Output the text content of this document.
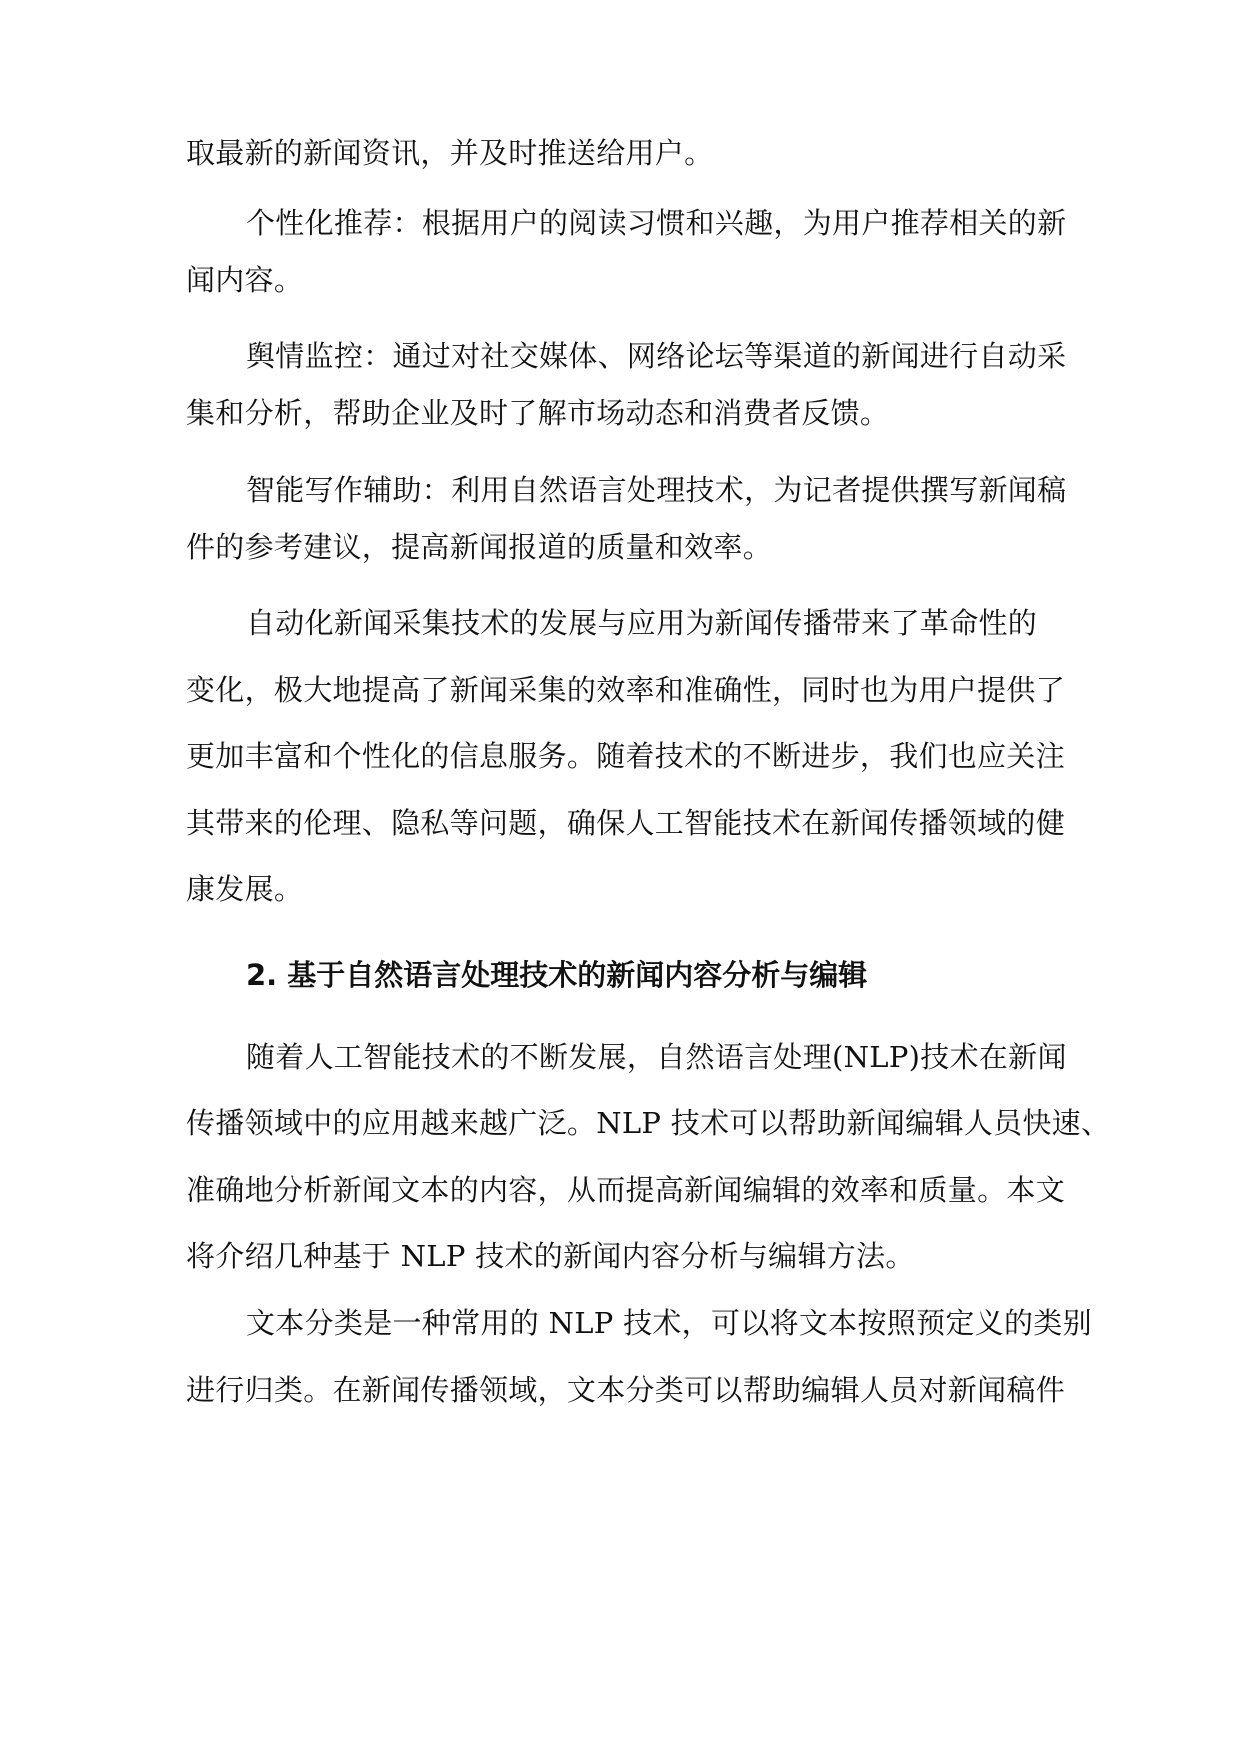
取最新的新闻资讯，并及时推送给用户。
个性化推荐：根据用户的阅读习惯和兴趣，为用户推荐相关的新
闻内容。
舆情监控：通过对社交媒体、网络论坛等渠道的新闻进行自动采
集和分析，帮助企业及时了解市场动态和消费者反馈。
智能写作辅助：利用自然语言处理技术，为记者提供撰写新闻稿
件的参考建议，提高新闻报道的质量和效率。
自动化新闻采集技术的发展与应用为新闻传播带来了革命性的
变化，极大地提高了新闻采集的效率和准确性，同时也为用户提供了
更加丰富和个性化的信息服务。随着技术的不断进步，我们也应关注
其带来的伦理、隐私等问题，确保人工智能技术在新闻传播领域的健
康发展。
2. 基于自然语言处理技术的新闻内容分析与编辑
随着人工智能技术的不断发展，自然语言处理(NLP)技术在新闻
传播领域中的应用越来越广泛。NLP 技术可以帮助新闻编辑人员快速、
准确地分析新闻文本的内容，从而提高新闻编辑的效率和质量。本文
将介绍几种基于 NLP 技术的新闻内容分析与编辑方法。
文本分类是一种常用的 NLP 技术，可以将文本按照预定义的类别
进行归类。在新闻传播领域，文本分类可以帮助编辑人员对新闻稿件
